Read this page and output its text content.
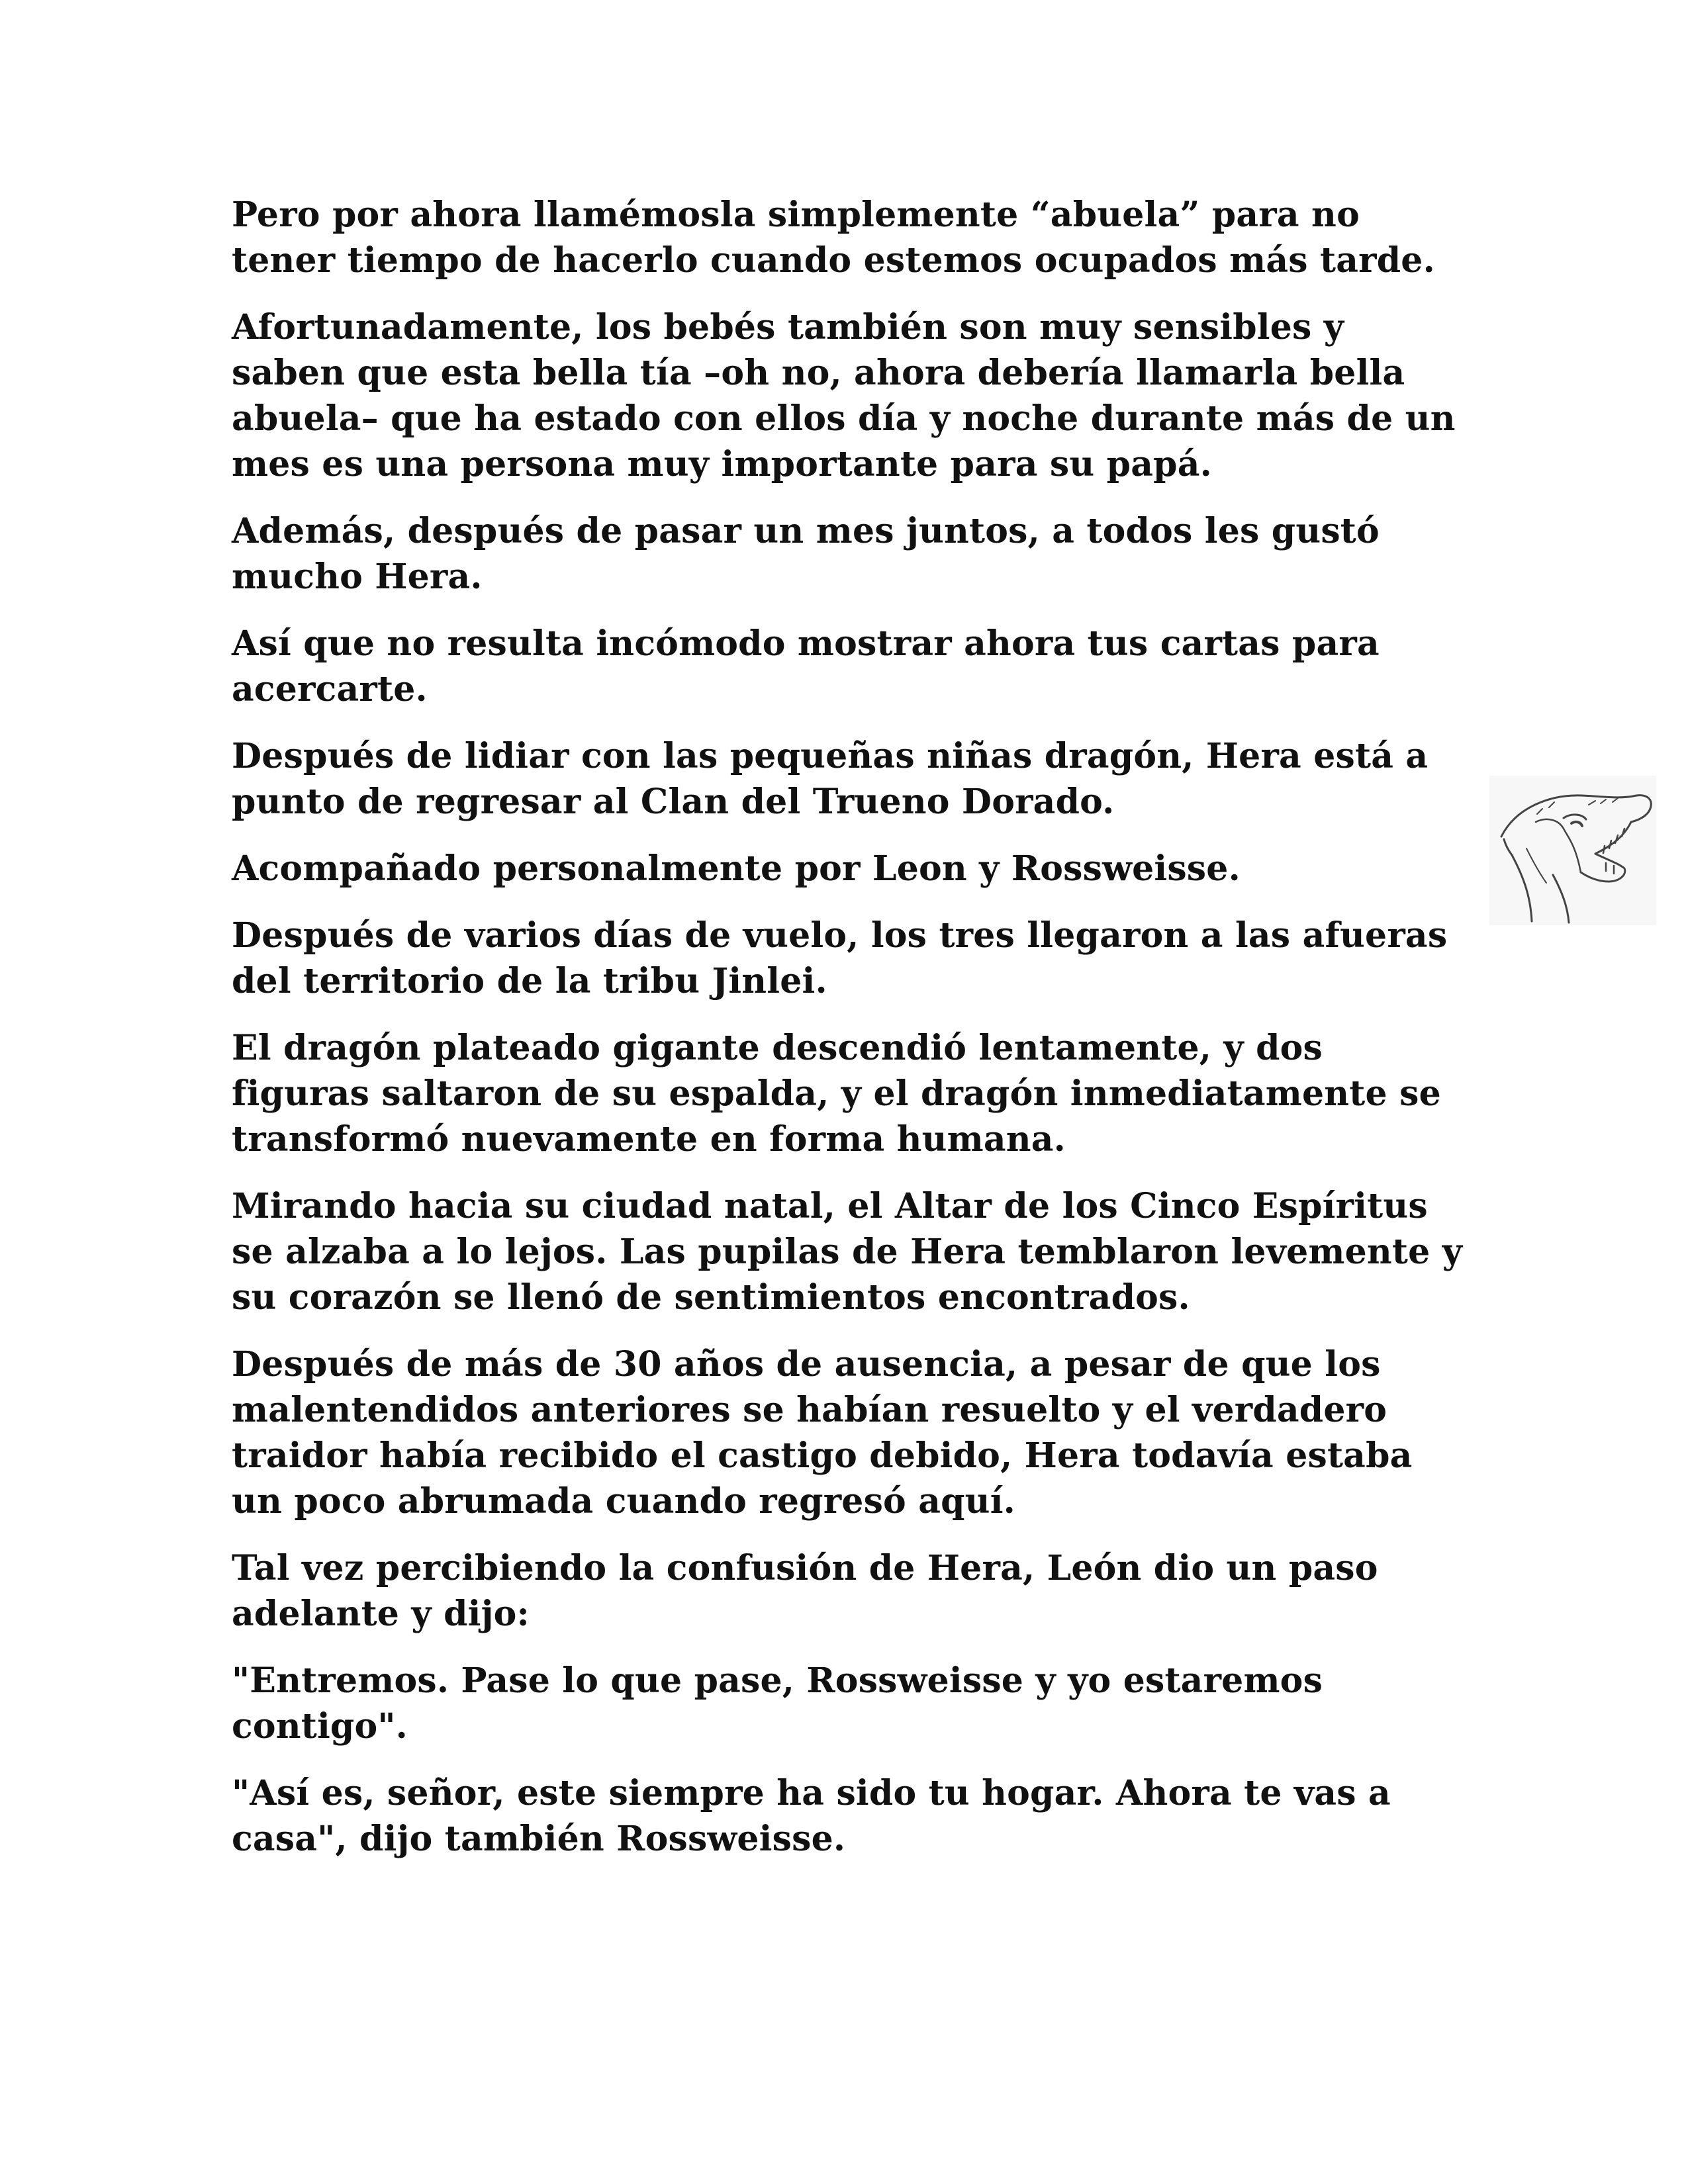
Pero por ahora llamémosla simplemente “abuela” para no tener tiempo de hacerlo cuando estemos ocupados más tarde.

Afortunadamente, los bebés también son muy sensibles y saben que esta bella tía –oh no, ahora debería llamarla bella abuela– que ha estado con ellos día y noche durante más de un mes es una persona muy importante para su papá.

Además, después de pasar un mes juntos, a todos les gustó mucho Hera.

Así que no resulta incómodo mostrar ahora tus cartas para acercarte.

Después de lidiar con las pequeñas niñas dragón, Hera está a punto de regresar al Clan del Trueno Dorado.

Acompañado personalmente por Leon y Rossweisse.

Después de varios días de vuelo, los tres llegaron a las afueras del territorio de la tribu Jinlei.

El dragón plateado gigante descendió lentamente, y dos figuras saltaron de su espalda, y el dragón inmediatamente se transformó nuevamente en forma humana.

Mirando hacia su ciudad natal, el Altar de los Cinco Espíritus se alzaba a lo lejos. Las pupilas de Hera temblaron levemente y su corazón se llenó de sentimientos encontrados.

Después de más de 30 años de ausencia, a pesar de que los malentendidos anteriores se habían resuelto y el verdadero traidor había recibido el castigo debido, Hera todavía estaba un poco abrumada cuando regresó aquí.

Tal vez percibiendo la confusión de Hera, León dio un paso adelante y dijo:

"Entremos. Pase lo que pase, Rossweisse y yo estaremos contigo".

"Así es, señor, este siempre ha sido tu hogar. Ahora te vas a casa", dijo también Rossweisse.
